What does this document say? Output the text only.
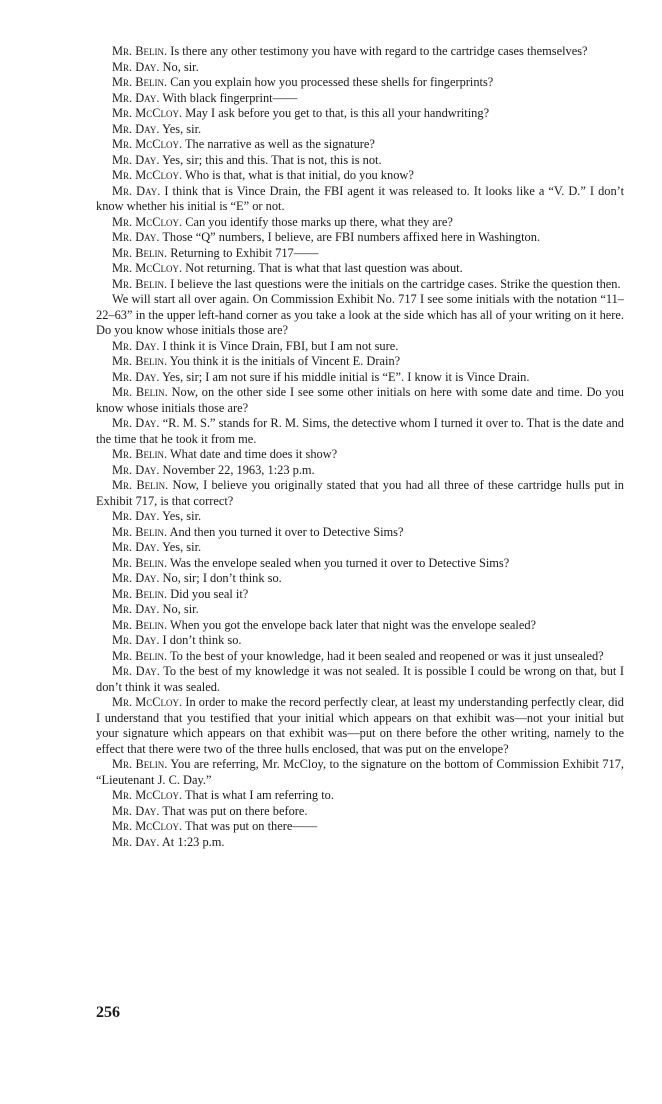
Mr. Belin. Is there any other testimony you have with regard to the cartridge cases themselves?

Mr. Day. No, sir.

Mr. Belin. Can you explain how you processed these shells for fingerprints?

Mr. Day. With black fingerprint——

Mr. McCloy. May I ask before you get to that, is this all your handwriting?

Mr. Day. Yes, sir.

Mr. McCloy. The narrative as well as the signature?

Mr. Day. Yes, sir; this and this. That is not, this is not.

Mr. McCloy. Who is that, what is that initial, do you know?

Mr. Day. I think that is Vince Drain, the FBI agent it was released to. It looks like a “V. D.” I don’t know whether his initial is “E” or not.

Mr. McCloy. Can you identify those marks up there, what they are?

Mr. Day. Those “Q” numbers, I believe, are FBI numbers affixed here in Washington.

Mr. Belin. Returning to Exhibit 717——

Mr. McCloy. Not returning. That is what that last question was about.

Mr. Belin. I believe the last questions were the initials on the cartridge cases. Strike the question then.

We will start all over again. On Commission Exhibit No. 717 I see some initials with the notation “11–22–63” in the upper left-hand corner as you take a look at the side which has all of your writing on it here. Do you know whose initials those are?

Mr. Day. I think it is Vince Drain, FBI, but I am not sure.

Mr. Belin. You think it is the initials of Vincent E. Drain?

Mr. Day. Yes, sir; I am not sure if his middle initial is “E”. I know it is Vince Drain.

Mr. Belin. Now, on the other side I see some other initials on here with some date and time. Do you know whose initials those are?

Mr. Day. “R. M. S.” stands for R. M. Sims, the detective whom I turned it over to. That is the date and the time that he took it from me.

Mr. Belin. What date and time does it show?

Mr. Day. November 22, 1963, 1:23 p.m.

Mr. Belin. Now, I believe you originally stated that you had all three of these cartridge hulls put in Exhibit 717, is that correct?

Mr. Day. Yes, sir.

Mr. Belin. And then you turned it over to Detective Sims?

Mr. Day. Yes, sir.

Mr. Belin. Was the envelope sealed when you turned it over to Detective Sims?

Mr. Day. No, sir; I don’t think so.

Mr. Belin. Did you seal it?

Mr. Day. No, sir.

Mr. Belin. When you got the envelope back later that night was the envelope sealed?

Mr. Day. I don’t think so.

Mr. Belin. To the best of your knowledge, had it been sealed and reopened or was it just unsealed?

Mr. Day. To the best of my knowledge it was not sealed. It is possible I could be wrong on that, but I don’t think it was sealed.

Mr. McCloy. In order to make the record perfectly clear, at least my understanding perfectly clear, did I understand that you testified that your initial which appears on that exhibit was—not your initial but your signature which appears on that exhibit was—put on there before the other writing, namely to the effect that there were two of the three hulls enclosed, that was put on the envelope?

Mr. Belin. You are referring, Mr. McCloy, to the signature on the bottom of Commission Exhibit 717, “Lieutenant J. C. Day.”

Mr. McCloy. That is what I am referring to.

Mr. Day. That was put on there before.

Mr. McCloy. That was put on there——

Mr. Day. At 1:23 p.m.

256
